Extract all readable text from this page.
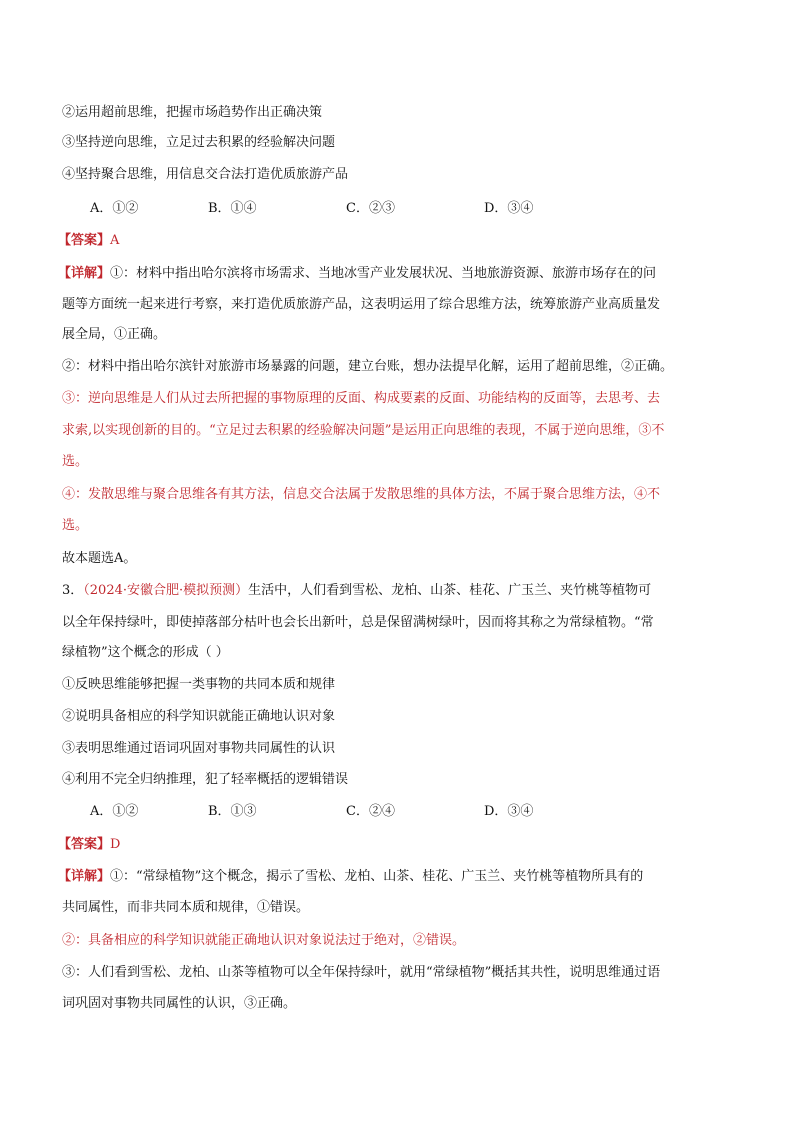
②运用超前思维，把握市场趋势作出正确决策
③坚持逆向思维，立足过去积累的经验解决问题
④坚持聚合思维，用信息交合法打造优质旅游产品
A．①②	B．①④	C．②③	D．③④
【答案】A
【详解】①：材料中指出哈尔滨将市场需求、当地冰雪产业发展状况、当地旅游资源、旅游市场存在的问
题等方面统一起来进行考察，来打造优质旅游产品，这表明运用了综合思维方法，统筹旅游产业高质量发
展全局，①正确。
②：材料中指出哈尔滨针对旅游市场暴露的问题，建立台账，想办法提早化解，运用了超前思维，②正确。
③：逆向思维是人们从过去所把握的事物原理的反面、构成要素的反面、功能结构的反面等，去思考、去
求索,以实现创新的目的。“立足过去积累的经验解决问题”是运用正向思维的表现，不属于逆向思维，③不
选。
④：发散思维与聚合思维各有其方法，信息交合法属于发散思维的具体方法，不属于聚合思维方法，④不
选。
故本题选A。
3．（2024·安徽合肥·模拟预测）生活中，人们看到雪松、龙柏、山茶、桂花、广玉兰、夹竹桃等植物可
以全年保持绿叶，即使掉落部分枯叶也会长出新叶，总是保留满树绿叶，因而将其称之为常绿植物。“常
绿植物”这个概念的形成（ ）
①反映思维能够把握一类事物的共同本质和规律
②说明具备相应的科学知识就能正确地认识对象
③表明思维通过语词巩固对事物共同属性的认识
④利用不完全归纳推理，犯了轻率概括的逻辑错误
A．①②	B．①③	C．②④	D．③④
【答案】D
【详解】①：“常绿植物”这个概念，揭示了雪松、龙柏、山茶、桂花、广玉兰、夹竹桃等植物所具有的
共同属性，而非共同本质和规律，①错误。
②：具备相应的科学知识就能正确地认识对象说法过于绝对，②错误。
③：人们看到雪松、龙柏、山茶等植物可以全年保持绿叶，就用“常绿植物”概括其共性，说明思维通过语
词巩固对事物共同属性的认识，③正确。
